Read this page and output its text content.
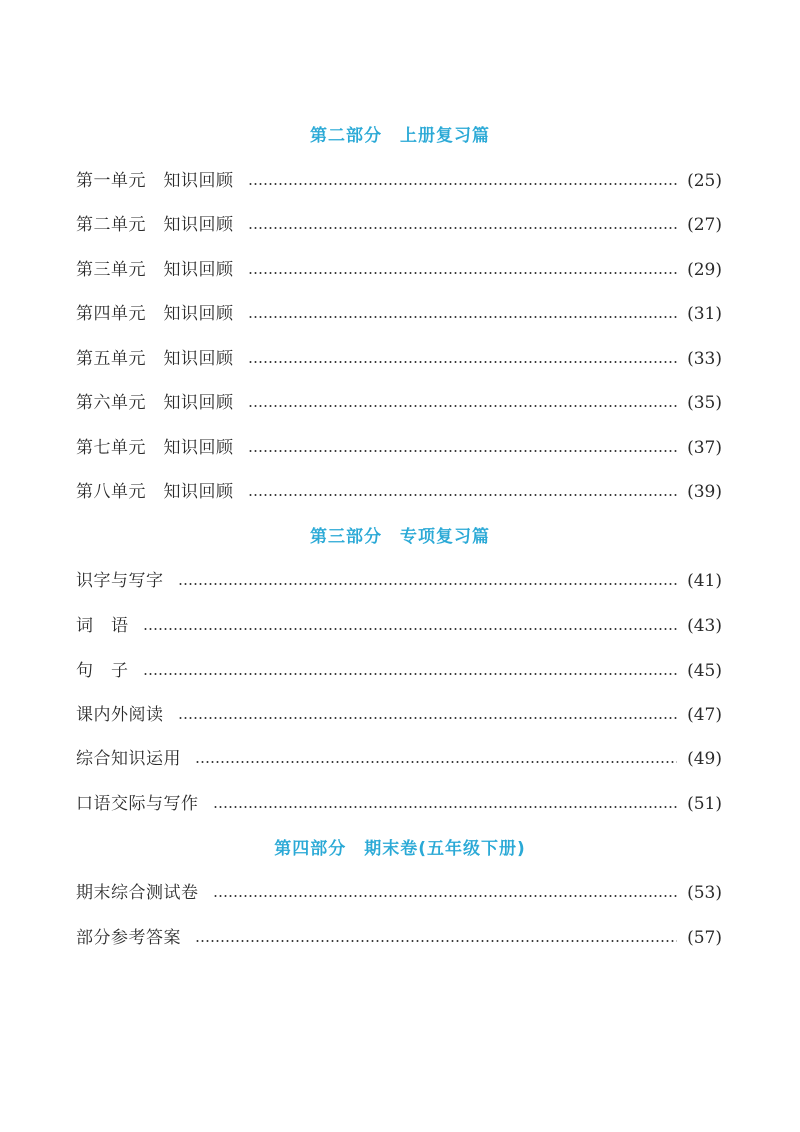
第二部分　上册复习篇
第一单元　知识回顾	(25)
第二单元　知识回顾	(27)
第三单元　知识回顾	(29)
第四单元　知识回顾	(31)
第五单元　知识回顾	(33)
第六单元　知识回顾	(35)
第七单元　知识回顾	(37)
第八单元　知识回顾	(39)
第三部分　专项复习篇
识字与写字	(41)
词　语	(43)
句　子	(45)
课内外阅读	(47)
综合知识运用	(49)
口语交际与写作	(51)
第四部分　期末卷(五年级下册)
期末综合测试卷	(53)
部分参考答案	(57)
